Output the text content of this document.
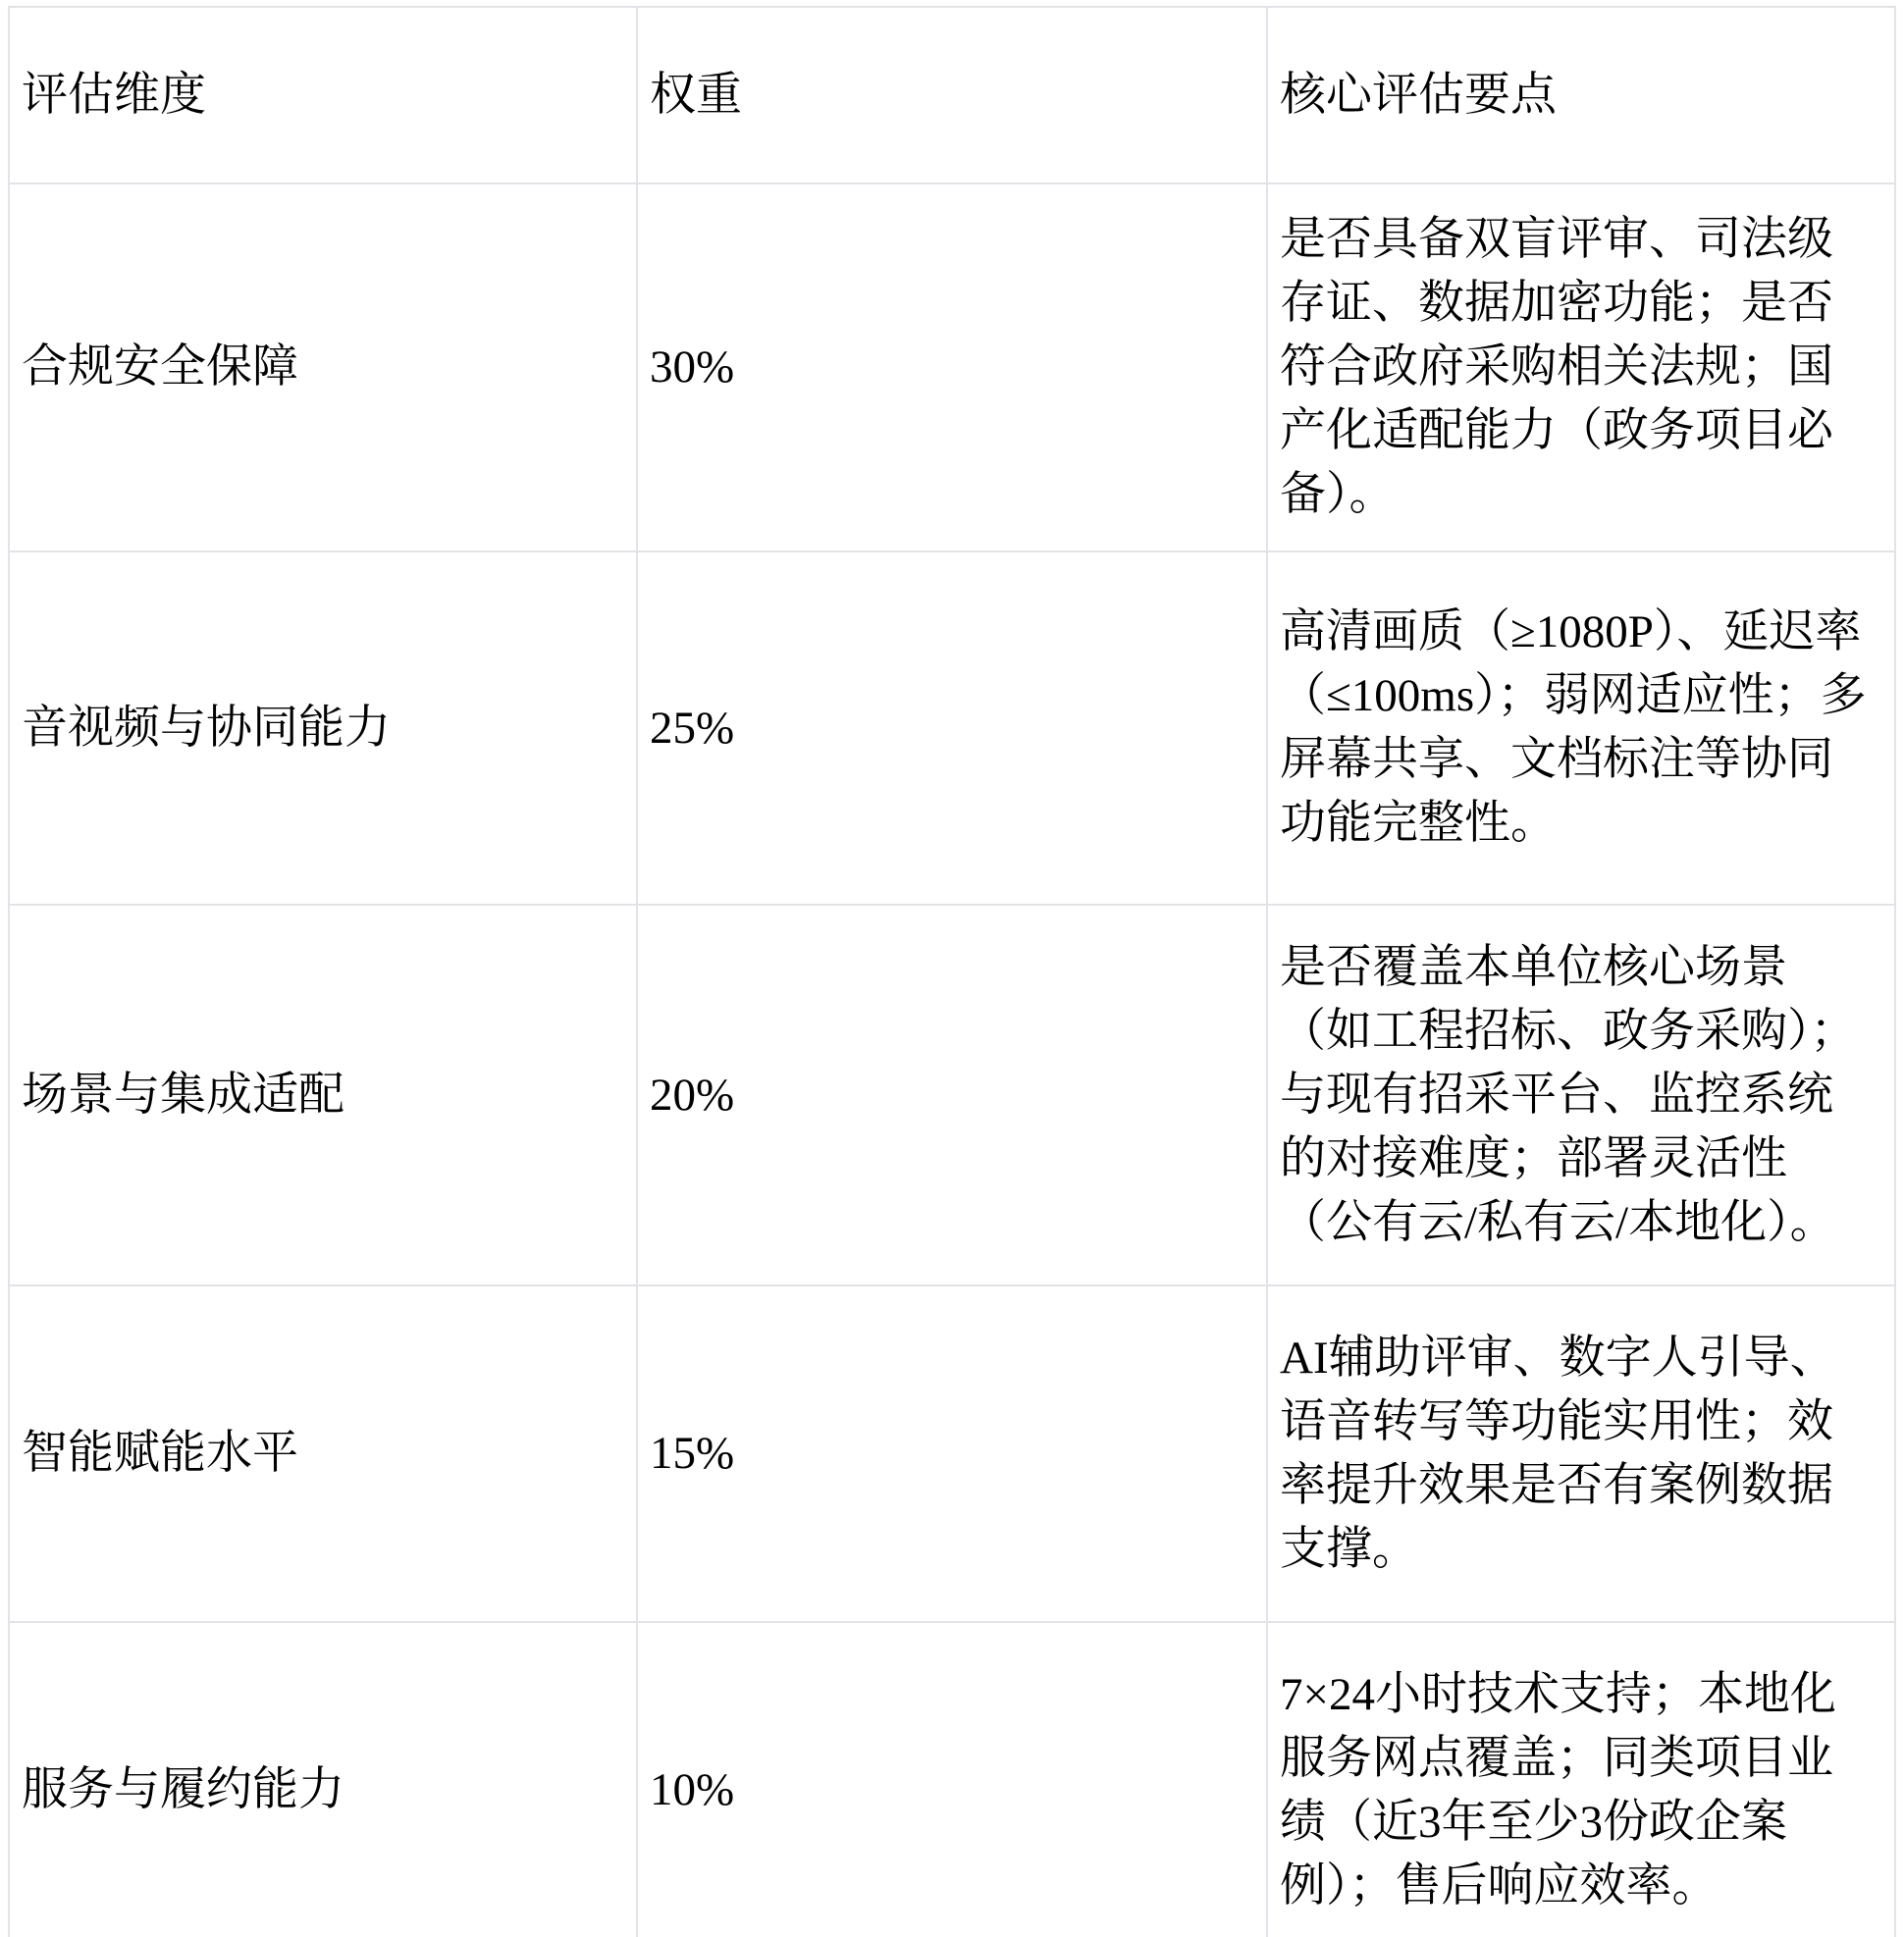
评估维度	权重	核心评估要点
合规安全保障	30%	是否具备双盲评审、司法级存证、数据加密功能；是否符合政府采购相关法规；国产化适配能力（政务项目必备）。
音视频与协同能力	25%	高清画质（≥1080P）、延迟率（≤100ms）；弱网适应性；多屏幕共享、文档标注等协同功能完整性。
场景与集成适配	20%	是否覆盖本单位核心场景（如工程招标、政务采购）；与现有招采平台、监控系统的对接难度；部署灵活性（公有云/私有云/本地化）。
智能赋能水平	15%	AI辅助评审、数字人引导、语音转写等功能实用性；效率提升效果是否有案例数据支撑。
服务与履约能力	10%	7×24小时技术支持；本地化服务网点覆盖；同类项目业绩（近3年至少3份政企案例）；售后响应效率。
